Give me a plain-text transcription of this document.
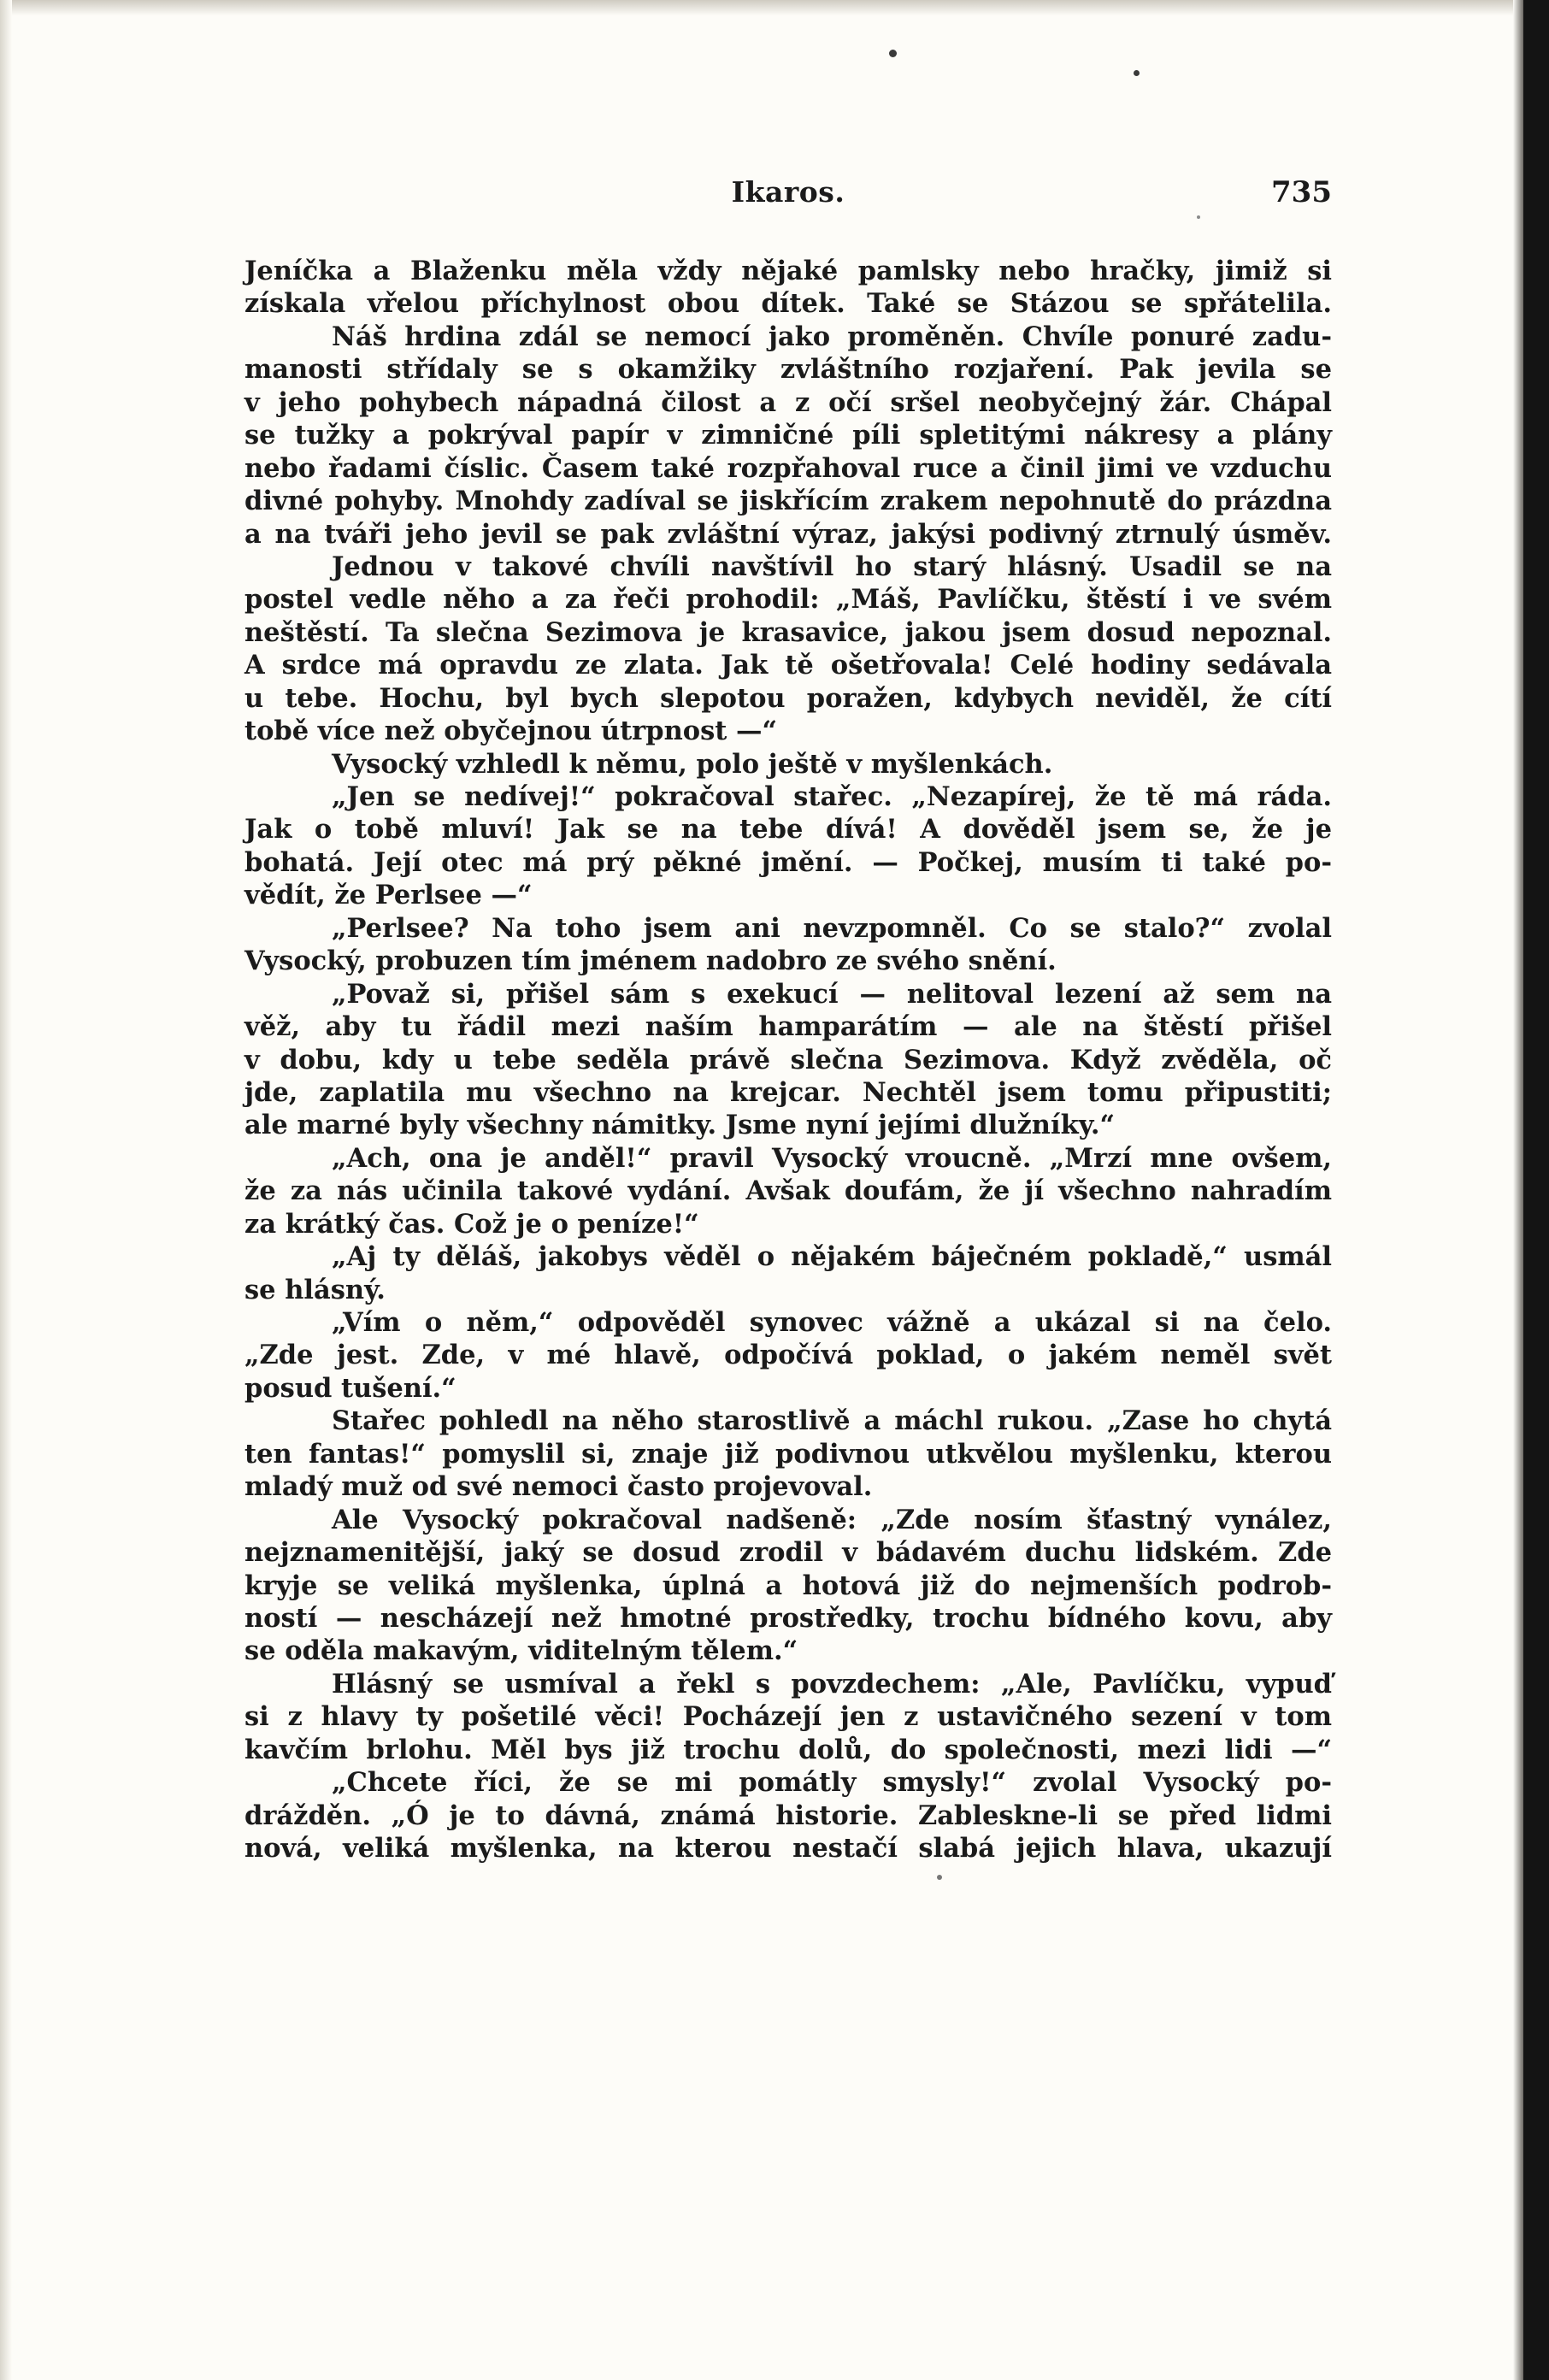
Ikaros.	735
Jeníčka a Blaženku měla vždy nějaké pamlsky nebo hračky, jimiž si
získala vřelou příchylnost obou dítek. Také se Stázou se spřátelila.
Náš hrdina zdál se nemocí jako proměněn. Chvíle ponuré zadu-
manosti střídaly se s okamžiky zvláštního rozjaření. Pak jevila se
v jeho pohybech nápadná čilost a z očí sršel neobyčejný žár. Chápal
se tužky a pokrýval papír v zimničné píli spletitými nákresy a plány
nebo řadami číslic. Časem také rozpřahoval ruce a činil jimi ve vzduchu
divné pohyby. Mnohdy zadíval se jiskřícím zrakem nepohnutě do prázdna
a na tváři jeho jevil se pak zvláštní výraz, jakýsi podivný ztrnulý úsměv.
Jednou v takové chvíli navštívil ho starý hlásný. Usadil se na
postel vedle něho a za řeči prohodil: „Máš, Pavlíčku, štěstí i ve svém
neštěstí. Ta slečna Sezimova je krasavice, jakou jsem dosud nepoznal.
A srdce má opravdu ze zlata. Jak tě ošetřovala! Celé hodiny sedávala
u tebe. Hochu, byl bych slepotou poražen, kdybych neviděl, že cítí
tobě více než obyčejnou útrpnost —“
Vysocký vzhledl k němu, polo ještě v myšlenkách.
„Jen se nedívej!“ pokračoval stařec. „Nezapírej, že tě má ráda.
Jak o tobě mluví! Jak se na tebe dívá! A dověděl jsem se, že je
bohatá. Její otec má prý pěkné jmění. — Počkej, musím ti také po-
vědít, že Perlsee —“
„Perlsee? Na toho jsem ani nevzpomněl. Co se stalo?“ zvolal
Vysocký, probuzen tím jménem nadobro ze svého snění.
„Považ si, přišel sám s exekucí — nelitoval lezení až sem na
věž, aby tu řádil mezi naším hamparátím — ale na štěstí přišel
v dobu, kdy u tebe seděla právě slečna Sezimova. Když zvěděla, oč
jde, zaplatila mu všechno na krejcar. Nechtěl jsem tomu připustiti;
ale marné byly všechny námitky. Jsme nyní jejími dlužníky.“
„Ach, ona je anděl!“ pravil Vysocký vroucně. „Mrzí mne ovšem,
že za nás učinila takové vydání. Avšak doufám, že jí všechno nahradím
za krátký čas. Což je o peníze!“
„Aj ty děláš, jakobys věděl o nějakém báječném pokladě,“ usmál
se hlásný.
„Vím o něm,“ odpověděl synovec vážně a ukázal si na čelo.
„Zde jest. Zde, v mé hlavě, odpočívá poklad, o jakém neměl svět
posud tušení.“
Stařec pohledl na něho starostlivě a máchl rukou. „Zase ho chytá
ten fantas!“ pomyslil si, znaje již podivnou utkvělou myšlenku, kterou
mladý muž od své nemoci často projevoval.
Ale Vysocký pokračoval nadšeně: „Zde nosím šťastný vynález,
nejznamenitější, jaký se dosud zrodil v bádavém duchu lidském. Zde
kryje se veliká myšlenka, úplná a hotová již do nejmenších podrob-
ností — nescházejí než hmotné prostředky, trochu bídného kovu, aby
se oděla makavým, viditelným tělem.“
Hlásný se usmíval a řekl s povzdechem: „Ale, Pavlíčku, vypuď
si z hlavy ty pošetilé věci! Pocházejí jen z ustavičného sezení v tom
kavčím brlohu. Měl bys již trochu dolů, do společnosti, mezi lidi —“
„Chcete říci, že se mi pomátly smysly!“ zvolal Vysocký po-
drážděn. „Ó je to dávná, známá historie. Zableskne-li se před lidmi
nová, veliká myšlenka, na kterou nestačí slabá jejich hlava, ukazují
